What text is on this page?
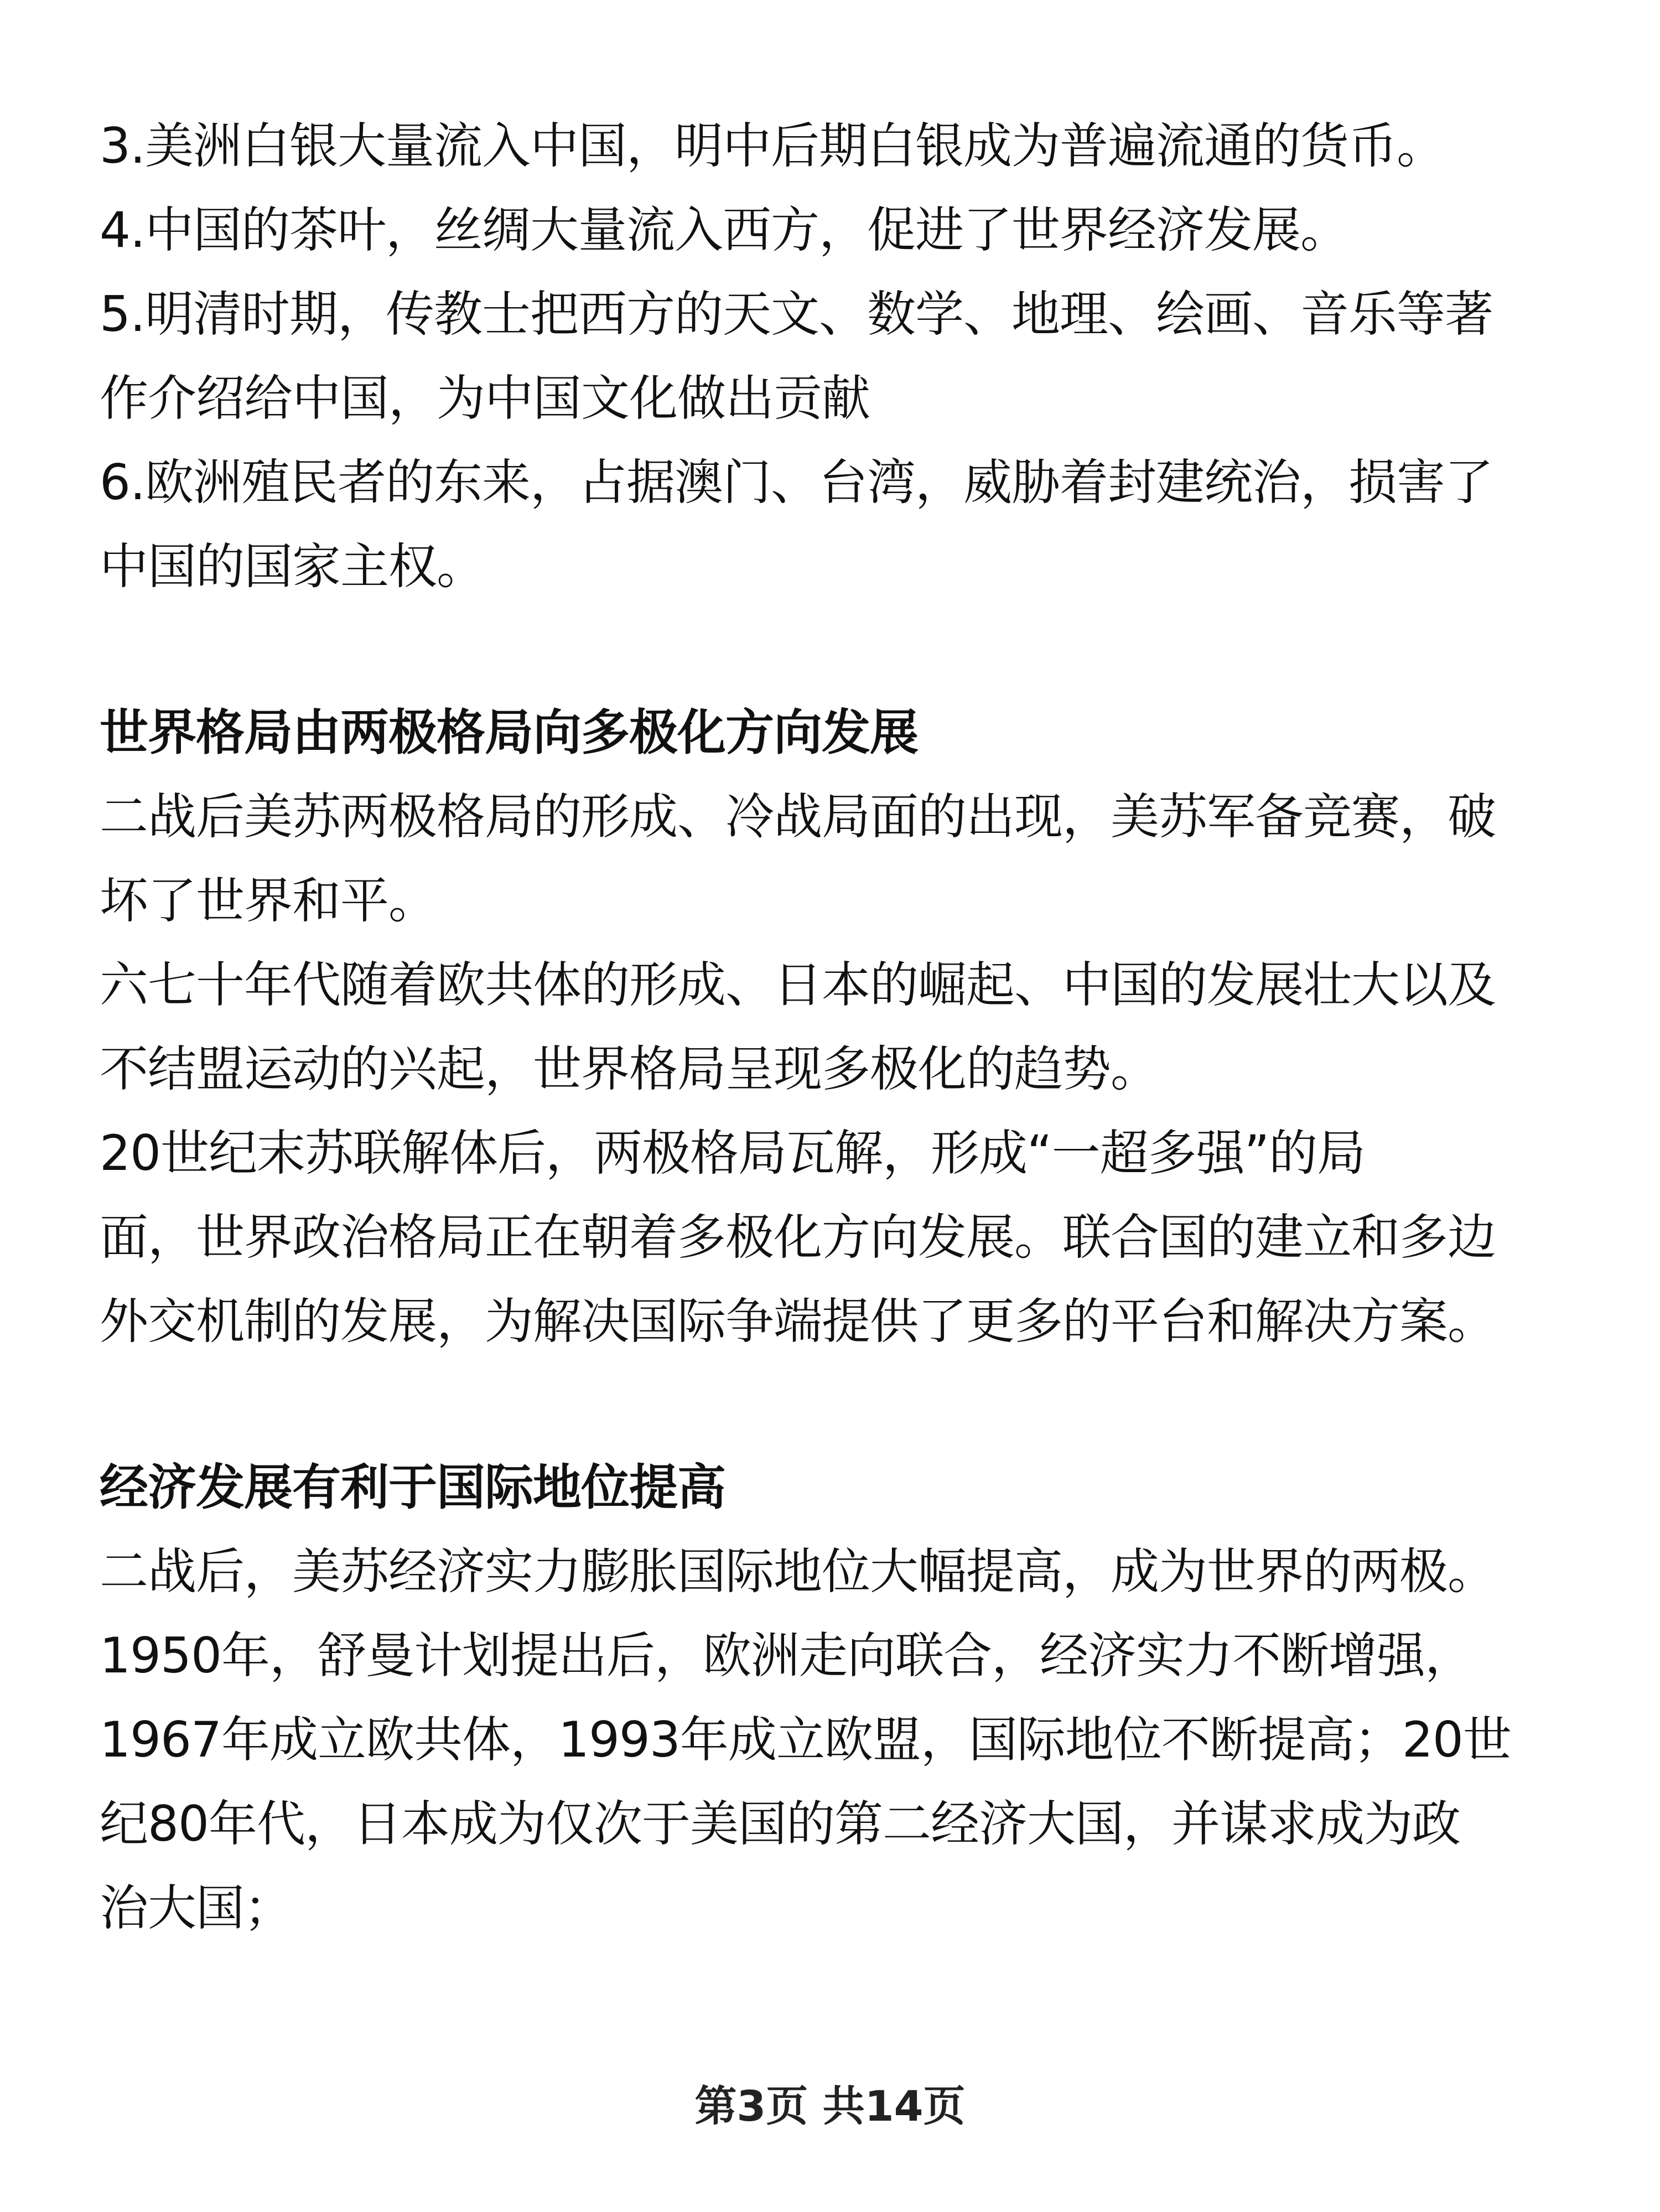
3.美洲白银大量流入中国，明中后期白银成为普遍流通的货币。
4.中国的茶叶，丝绸大量流入西方，促进了世界经济发展。
5.明清时期，传教士把西方的天文、数学、地理、绘画、音乐等著
作介绍给中国，为中国文化做出贡献
6.欧洲殖民者的东来，占据澳门、台湾，威胁着封建统治，损害了
中国的国家主权。
世界格局由两极格局向多极化方向发展
二战后美苏两极格局的形成、冷战局面的出现，美苏军备竞赛，破
坏了世界和平。
六七十年代随着欧共体的形成、日本的崛起、中国的发展壮大以及
不结盟运动的兴起，世界格局呈现多极化的趋势。
20世纪末苏联解体后，两极格局瓦解，形成“一超多强”的局
面，世界政治格局正在朝着多极化方向发展。联合国的建立和多边
外交机制的发展，为解决国际争端提供了更多的平台和解决方案。
经济发展有利于国际地位提高
二战后，美苏经济实力膨胀国际地位大幅提高，成为世界的两极。
1950年，舒曼计划提出后，欧洲走向联合，经济实力不断增强，
1967年成立欧共体，1993年成立欧盟，国际地位不断提高；20世
纪80年代，日本成为仅次于美国的第二经济大国，并谋求成为政
治大国；
第3页 共14页
